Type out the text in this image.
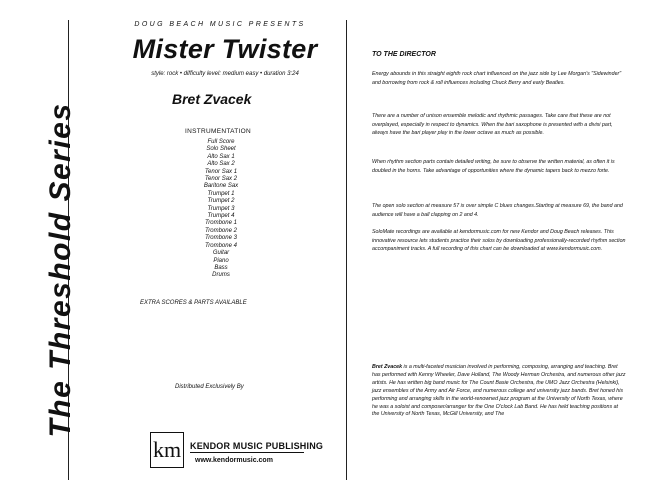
The Threshold Series
DOUG BEACH MUSIC PRESENTS
Mister Twister
style: rock • difficulty level: medium easy • duration 3:24
Bret Zvacek
INSTRUMENTATION
Full Score
Solo Sheet
Alto Sax 1
Alto Sax 2
Tenor Sax 1
Tenor Sax 2
Baritone Sax
Trumpet 1
Trumpet 2
Trumpet 3
Trumpet 4
Trombone 1
Trombone 2
Trombone 3
Trombone 4
Guitar
Piano
Bass
Drums
EXTRA SCORES & PARTS AVAILABLE
Distributed Exclusively By
km KENDOR MUSIC PUBLISHING
www.kendormusic.com
TO THE DIRECTOR

Energy abounds in this straight eighth rock chart influenced on the jazz side by Lee Morgan's "Sidewinder" and borrowing from rock & roll influences including Chuck Berry and early Beatles.

There are a number of unison ensemble melodic and rhythmic passages. Take care that these are not overplayed, especially in respect to dynamics. When the bari saxophone is presented with a divisi part, always have the bari player play in the lower octave as much as possible.

When rhythm section parts contain detailed writing, be sure to observe the written material, as often it is doubled in the horns. Take advantage of opportunities where the dynamic tapers back to mezzo forte.

The open solo section at measure 57 is over simple C blues changes.Starting at measure 69, the band and audience will have a ball clapping on 2 and 4.

SoloMate recordings are available at kendormusic.com for new Kendor and Doug Beach releases. This innovative resource lets students practice their solos by downloading professionally-recorded rhythm section accompaniment tracks. A full recording of this chart can be downloaded at www.kendormusic.com.

Bret Zvacek is a multi-faceted musician involved in performing, composing, arranging and teaching. Bret has performed with Kenny Wheeler, Dave Holland, The Woody Herman Orchestra, and numerous other jazz artists. He has written big band music for The Count Basie Orchestra, the UMO Jazz Orchestra (Helsinki), jazz ensembles of the Army and Air Force, and numerous college and university jazz bands. Bret honed his performing and arranging skills in the world-renowned jazz program at the University of North Texas, where he was a soloist and composer/arranger for the One O'clock Lab Band. He has held teaching positions at the University of North Texas, McGill University, and The
